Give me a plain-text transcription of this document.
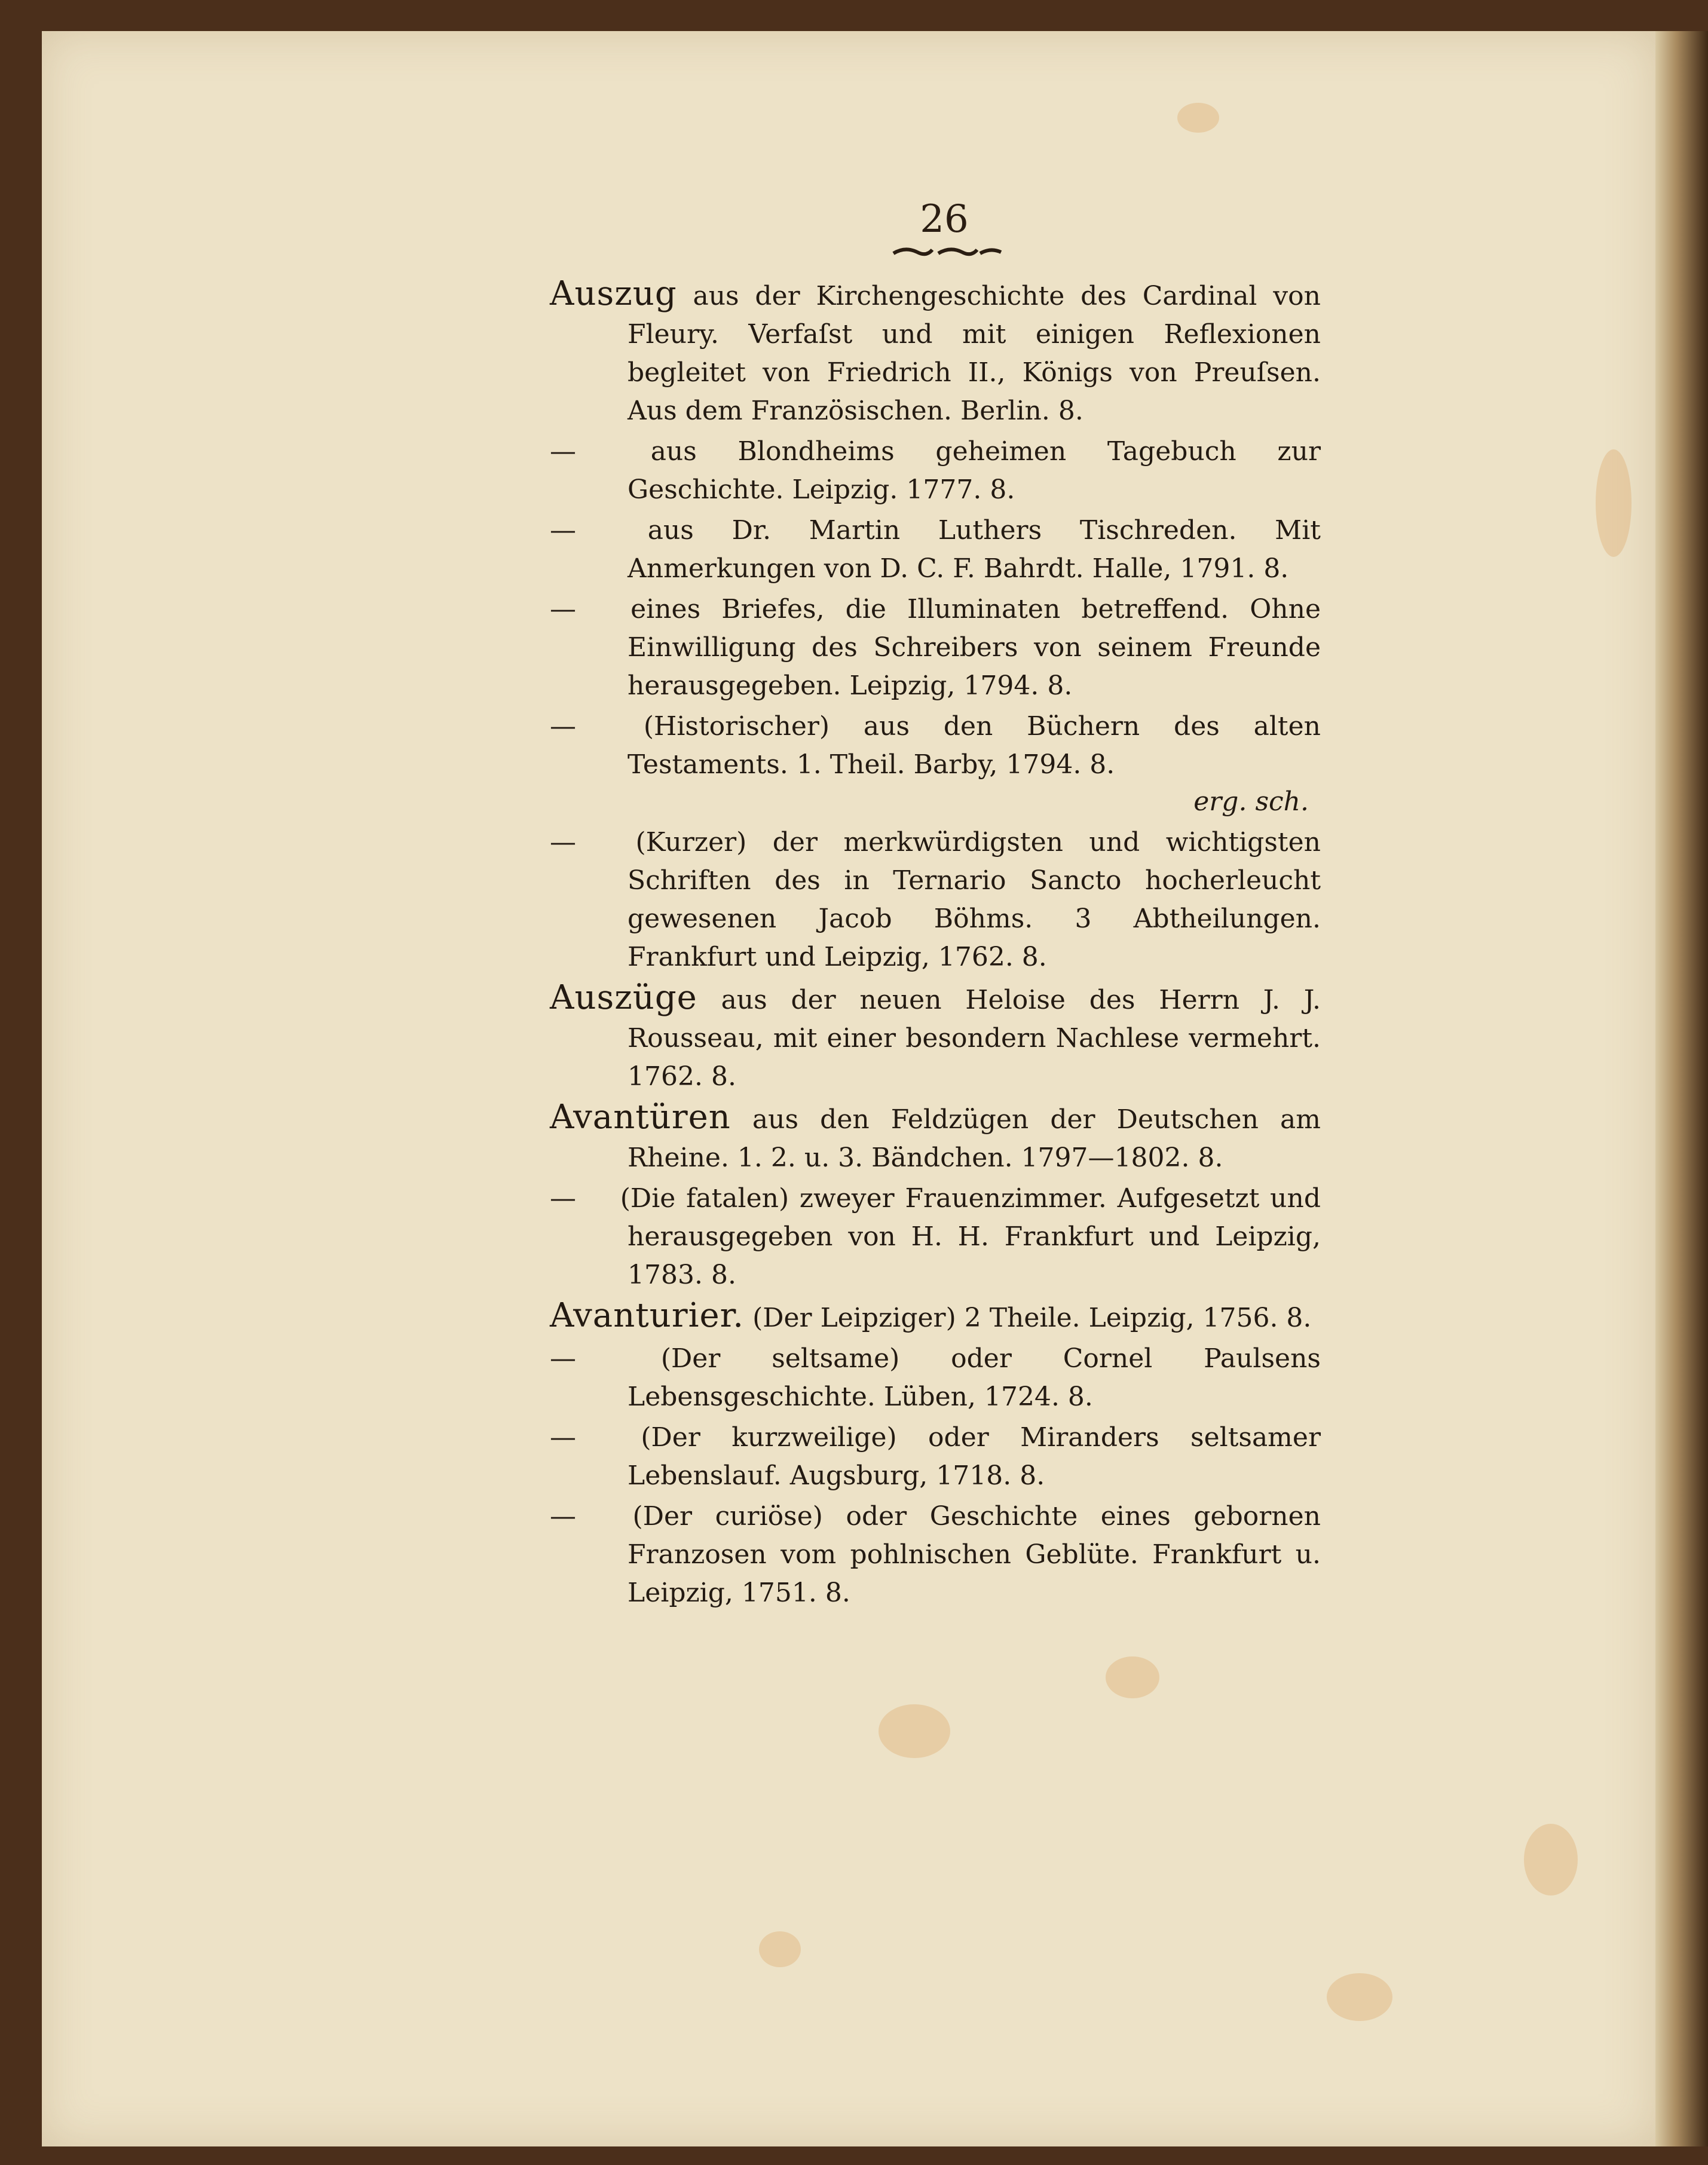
26
Auszug aus der Kirchengeschichte des Cardinal von Fleury. Verfaſst und mit einigen Reflexionen begleitet von Friedrich II., Königs von Preuſsen. Aus dem Französischen. Berlin. 8.
—	aus Blondheims geheimen Tagebuch zur Geschichte. Leipzig. 1777. 8.
—	aus Dr. Martin Luthers Tischreden. Mit Anmerkungen von D. C. F. Bahrdt. Halle, 1791. 8.
— eines Briefes, die Illuminaten betreffend. Ohne Einwilligung des Schreibers von seinem Freunde herausgegeben. Leipzig, 1794. 8.
—	(Historischer) aus den Büchern des alten Testaments. 1. Theil. Barby, 1794. 8.
erg. sch.
— (Kurzer) der merkwürdigsten und wichtigsten Schriften des in Ternario Sancto hocherleucht gewesenen Jacob Böhms. 3 Abtheilungen. Frankfurt und Leipzig, 1762. 8.
Auszüge aus der neuen Heloise des Herrn J. J. Rousseau, mit einer besondern Nachlese vermehrt. 1762. 8.
Avantüren aus den Feldzügen der Deutschen am Rheine. 1. 2. u. 3. Bändchen. 1797—1802. 8.
— (Die fatalen) zweyer Frauenzimmer. Aufgesetzt und herausgegeben von H. H. Frankfurt und Leipzig, 1783. 8.
Avanturier. (Der Leipziger) 2 Theile. Leipzig, 1756. 8.
—	(Der seltsame) oder Cornel Paulsens Lebensgeschichte. Lüben, 1724. 8.
— (Der kurzweilige) oder Miranders seltsamer Lebenslauf. Augsburg, 1718. 8.
— (Der curiöse) oder Geschichte eines gebornen Franzosen vom pohlnischen Geblüte. Frankfurt u. Leipzig, 1751. 8.
